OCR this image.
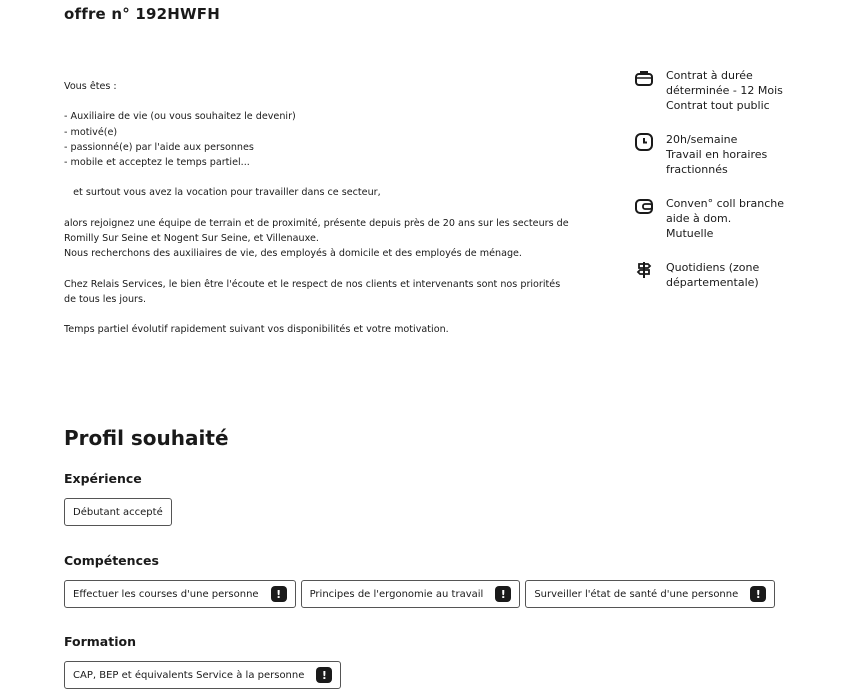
offre n° 192HWFH

Vous êtes :

- Auxiliaire de vie (ou vous souhaitez le devenir)

- motivé(e)

- passionné(e) par l'aide aux personnes

- mobile et acceptez le temps partiel...

et surtout vous avez la vocation pour travailler dans ce secteur,

alors rejoignez une équipe de terrain et de proximité, présente depuis près de 20 ans sur les secteurs de

Romilly Sur Seine et Nogent Sur Seine, et Villenauxe.

Nous recherchons des auxiliaires de vie, des employés à domicile et des employés de ménage.

Chez Relais Services, le bien être l'écoute et le respect de nos clients et intervenants sont nos priorités

de tous les jours.

Temps partiel évolutif rapidement suivant vos disponibilités et votre motivation.

Contrat à durée
déterminée - 12 Mois
Contrat tout public
20h/semaine
Travail en horaires
fractionnés
Conven° coll branche
aide à dom.
Mutuelle
Quotidiens (zone
départementale)
Profil souhaité
Expérience
Débutant accepté
Compétences
Effectuer les courses d'une personne	!	Principes de l'ergonomie au travail	!	Surveiller l'état de santé d'une personne	!
Formation
CAP, BEP et équivalents Service à la personne	!
